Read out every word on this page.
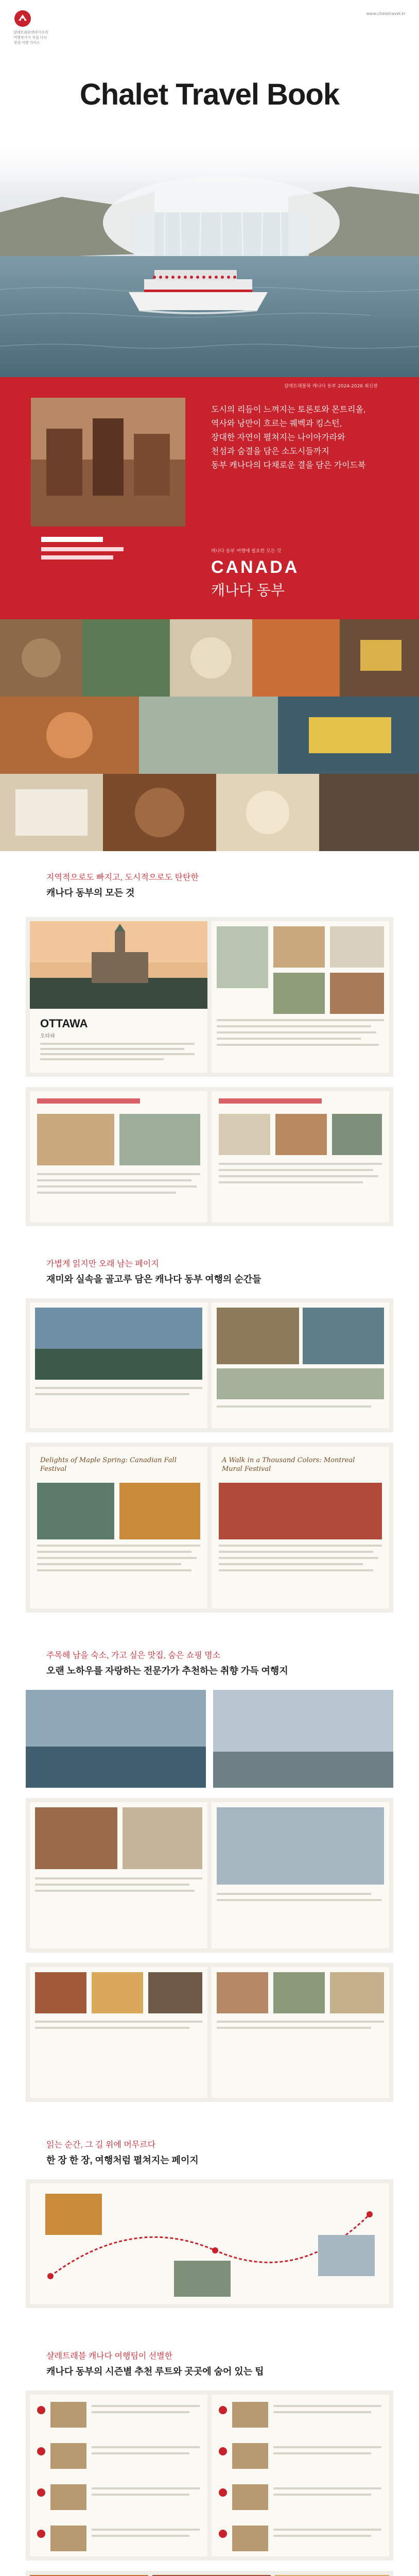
샬레트래블앤라이프의
여행작가가 직접 다닌
생생 여행 가이드
www.chaletravel.kr
Chalet Travel Book
샬레트래블북 캐나다 동부 2024-2026 최신판
도시의 리듬이 느껴지는 토론토와 몬트리올,
역사와 낭만이 흐르는 퀘벡과 킹스턴,
장대한 자연이 펼쳐지는 나이아가라와
천섬과 숨결을 담은 소도시들까지
동부 캐나다의 다채로운 결을 담은 가이드북
캐나다 동부 여행에 필요한 모든 것
CANADA
캐나다 동부
지역적으로도 빠지고, 도시적으로도 탄탄한
캐나다 동부의 모든 것
OTTAWA
오타와
가볍게 읽지만 오래 남는 페이지
재미와 실속을 골고루 담은 캐나다 동부 여행의 순간들
Delights of Maple Spring: Canadian Fall Festival
A Walk in a Thousand Colors: Montreal Mural Festival
주목해 남을 숙소, 가고 싶은 맛집, 숨은 쇼핑 명소
오랜 노하우를 자랑하는 전문가가 추천하는 취향 가득 여행지
읽는 순간, 그 길 위에 머무르다
한 장 한 장, 여행처럼 펼쳐지는 페이지
샬레트래블 캐나다 여행팀이 선별한
캐나다 동부의 시즌별 추천 루트와 곳곳에 숨어 있는 팁
